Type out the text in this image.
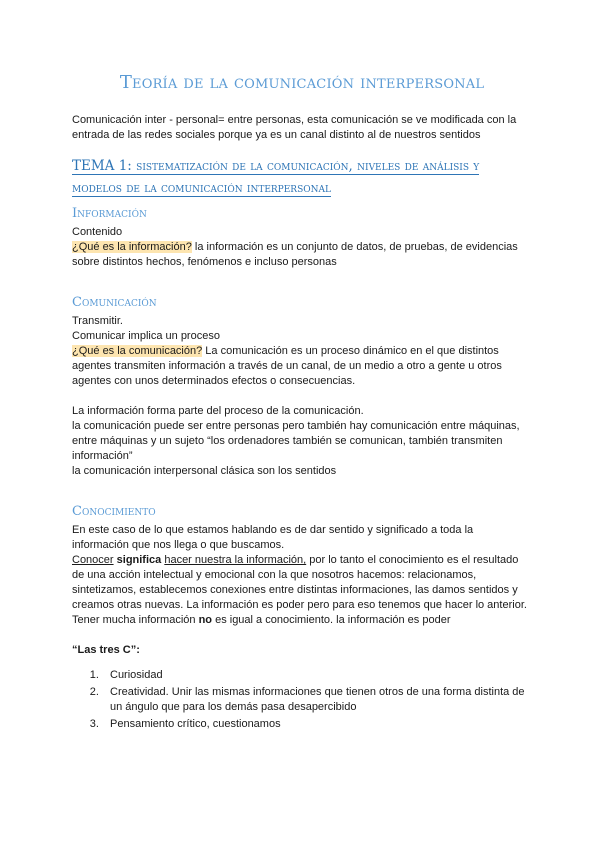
Teoría de la comunicación interpersonal

Comunicación inter - personal= entre personas, esta comunicación se ve modificada con la entrada de las redes sociales porque ya es un canal distinto al de nuestros sentidos

TEMA 1: sistematización de la comunicación, niveles de análisis y modelos de la comunicación interpersonal
Información

Contenido

¿Qué es la información? la información es un conjunto de datos, de pruebas, de evidencias sobre distintos hechos, fenómenos e incluso personas

Comunicación

Transmitir.

Comunicar implica un proceso

¿Qué es la comunicación? La comunicación es un proceso dinámico en el que distintos agentes transmiten información a través de un canal, de un medio a otro a gente u otros agentes con unos determinados efectos o consecuencias.

La información forma parte del proceso de la comunicación.

la comunicación puede ser entre personas pero también hay comunicación entre máquinas, entre máquinas y un sujeto “los ordenadores también se comunican, también transmiten información”

la comunicación interpersonal clásica son los sentidos

Conocimiento

En este caso de lo que estamos hablando es de dar sentido y significado a toda la información que nos llega o que buscamos.

Conocer significa hacer nuestra la información, por lo tanto el conocimiento es el resultado de una acción intelectual y emocional con la que nosotros hacemos: relacionamos, sintetizamos, establecemos conexiones entre distintas informaciones, las damos sentidos y creamos otras nuevas. La información es poder pero para eso tenemos que hacer lo anterior.

Tener mucha información no es igual a conocimiento. la información es poder

“Las tres C”:

1. Curiosidad
2. Creatividad. Unir las mismas informaciones que tienen otros de una forma distinta de un ángulo que para los demás pasa desapercibido
3. Pensamiento crítico, cuestionamos
